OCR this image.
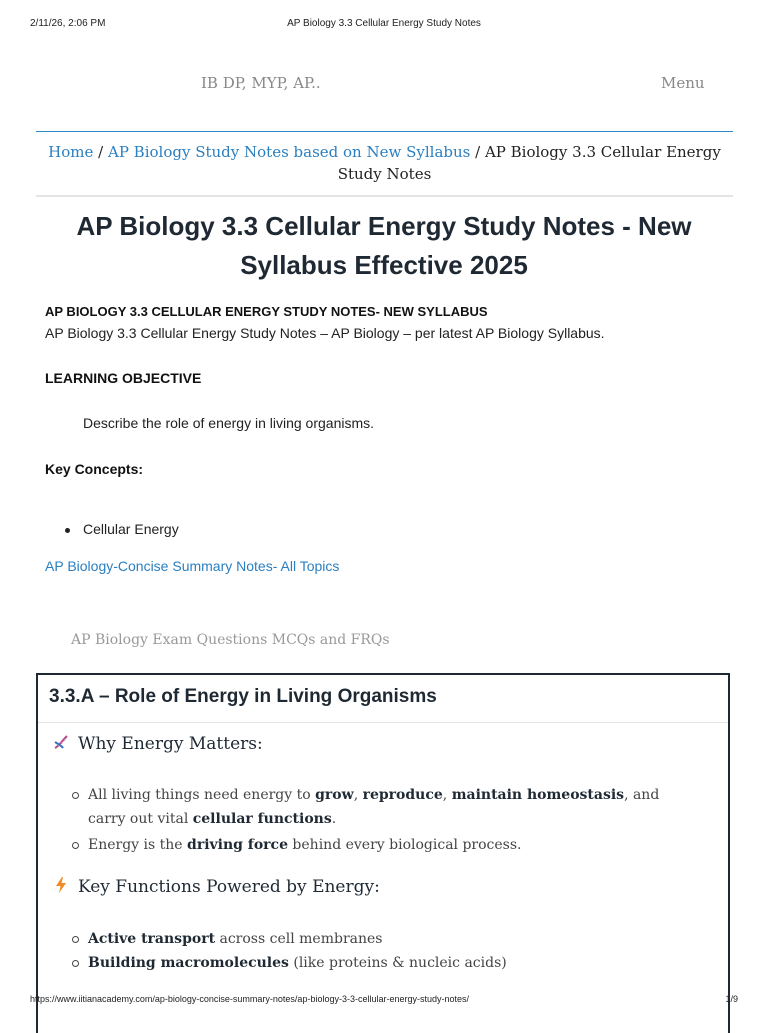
2/11/26, 2:06 PM	AP Biology 3.3 Cellular Energy Study Notes
IB DP, MYP, AP..	Menu
Home / AP Biology Study Notes based on New Syllabus / AP Biology 3.3 Cellular Energy Study Notes
AP Biology 3.3 Cellular Energy Study Notes - New Syllabus Effective 2025
AP BIOLOGY 3.3 CELLULAR ENERGY STUDY NOTES- NEW SYLLABUS
AP Biology 3.3 Cellular Energy Study Notes – AP Biology – per latest AP Biology Syllabus.
LEARNING OBJECTIVE
Describe the role of energy in living organisms.
Key Concepts:
Cellular Energy
AP Biology-Concise Summary Notes- All Topics
AP Biology Exam Questions MCQs and FRQs
3.3.A – Role of Energy in Living Organisms
Why Energy Matters:
All living things need energy to grow, reproduce, maintain homeostasis, and carry out vital cellular functions.
Energy is the driving force behind every biological process.
Key Functions Powered by Energy:
Active transport across cell membranes
Building macromolecules (like proteins & nucleic acids)
https://www.iitianacademy.com/ap-biology-concise-summary-notes/ap-biology-3-3-cellular-energy-study-notes/	1/9
